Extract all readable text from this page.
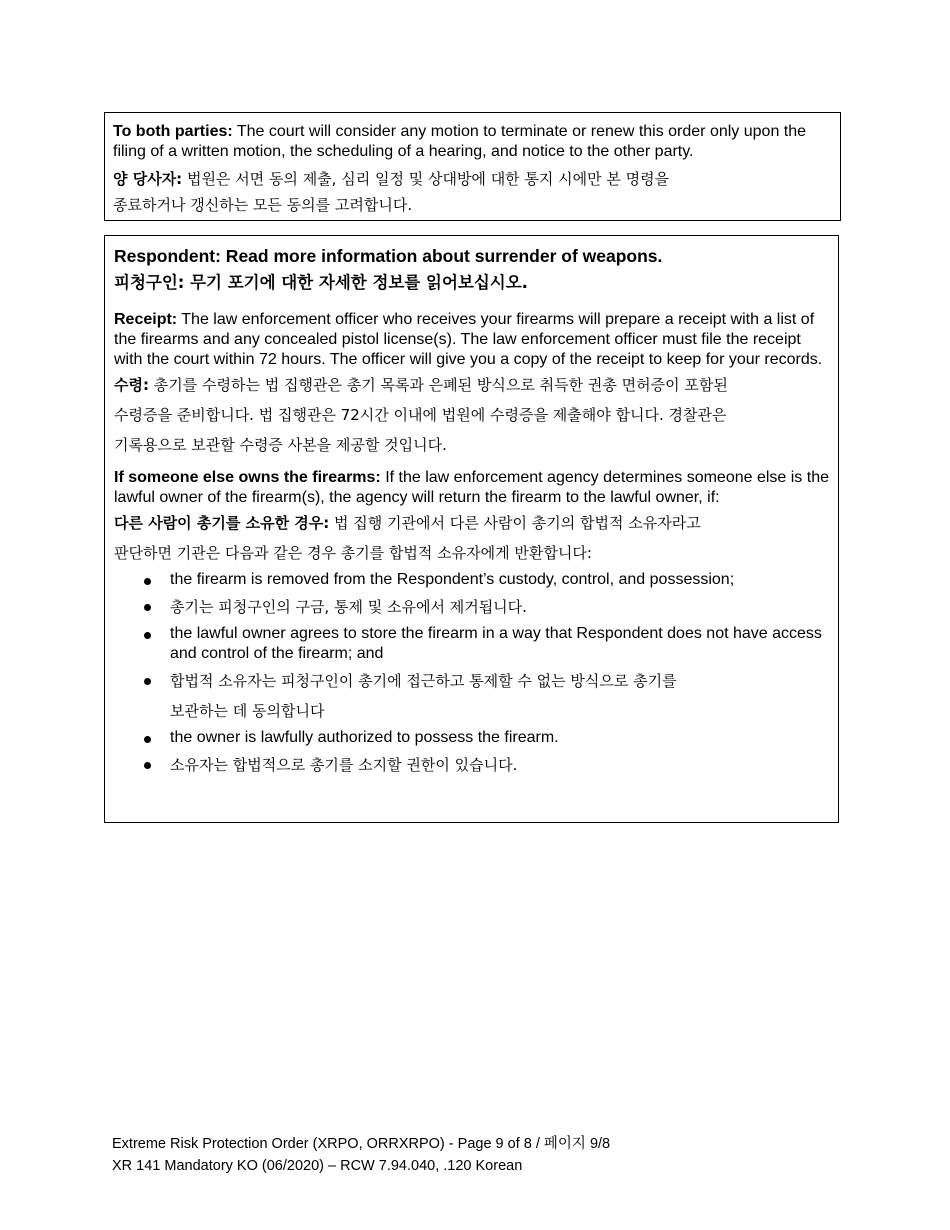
To both parties: The court will consider any motion to terminate or renew this order only upon the filing of a written motion, the scheduling of a hearing, and notice to the other party.

양 당사자: 법원은 서면 동의 제출, 심리 일정 및 상대방에 대한 통지 시에만 본 명령을

종료하거나 갱신하는 모든 동의를 고려합니다.

Respondent: Read more information about surrender of weapons.

피청구인: 무기 포기에 대한 자세한 정보를 읽어보십시오.

Receipt: The law enforcement officer who receives your firearms will prepare a receipt with a list of the firearms and any concealed pistol license(s). The law enforcement officer must file the receipt with the court within 72 hours. The officer will give you a copy of the receipt to keep for your records.

수령: 총기를 수령하는 법 집행관은 총기 목록과 은폐된 방식으로 취득한 권총 면허증이 포함된

수령증을 준비합니다. 법 집행관은 72시간 이내에 법원에 수령증을 제출해야 합니다. 경찰관은

기록용으로 보관할 수령증 사본을 제공할 것입니다.

If someone else owns the firearms: If the law enforcement agency determines someone else is the lawful owner of the firearm(s), the agency will return the firearm to the lawful owner, if:

다른 사람이 총기를 소유한 경우: 법 집행 기관에서 다른 사람이 총기의 합법적 소유자라고

판단하면 기관은 다음과 같은 경우 총기를 합법적 소유자에게 반환합니다:

the firearm is removed from the Respondent’s custody, control, and possession;
총기는 피청구인의 구금, 통제 및 소유에서 제거됩니다.
the lawful owner agrees to store the firearm in a way that Respondent does not have access and control of the firearm; and
합법적 소유자는 피청구인이 총기에 접근하고 통제할 수 없는 방식으로 총기를
보관하는 데 동의합니다
the owner is lawfully authorized to possess the firearm.
소유자는 합법적으로 총기를 소지할 권한이 있습니다.
Extreme Risk Protection Order (XRPO, ORRXRPO) - Page 9 of 8 / 페이지 9/8
XR 141 Mandatory KO (06/2020) – RCW 7.94.040, .120 Korean
